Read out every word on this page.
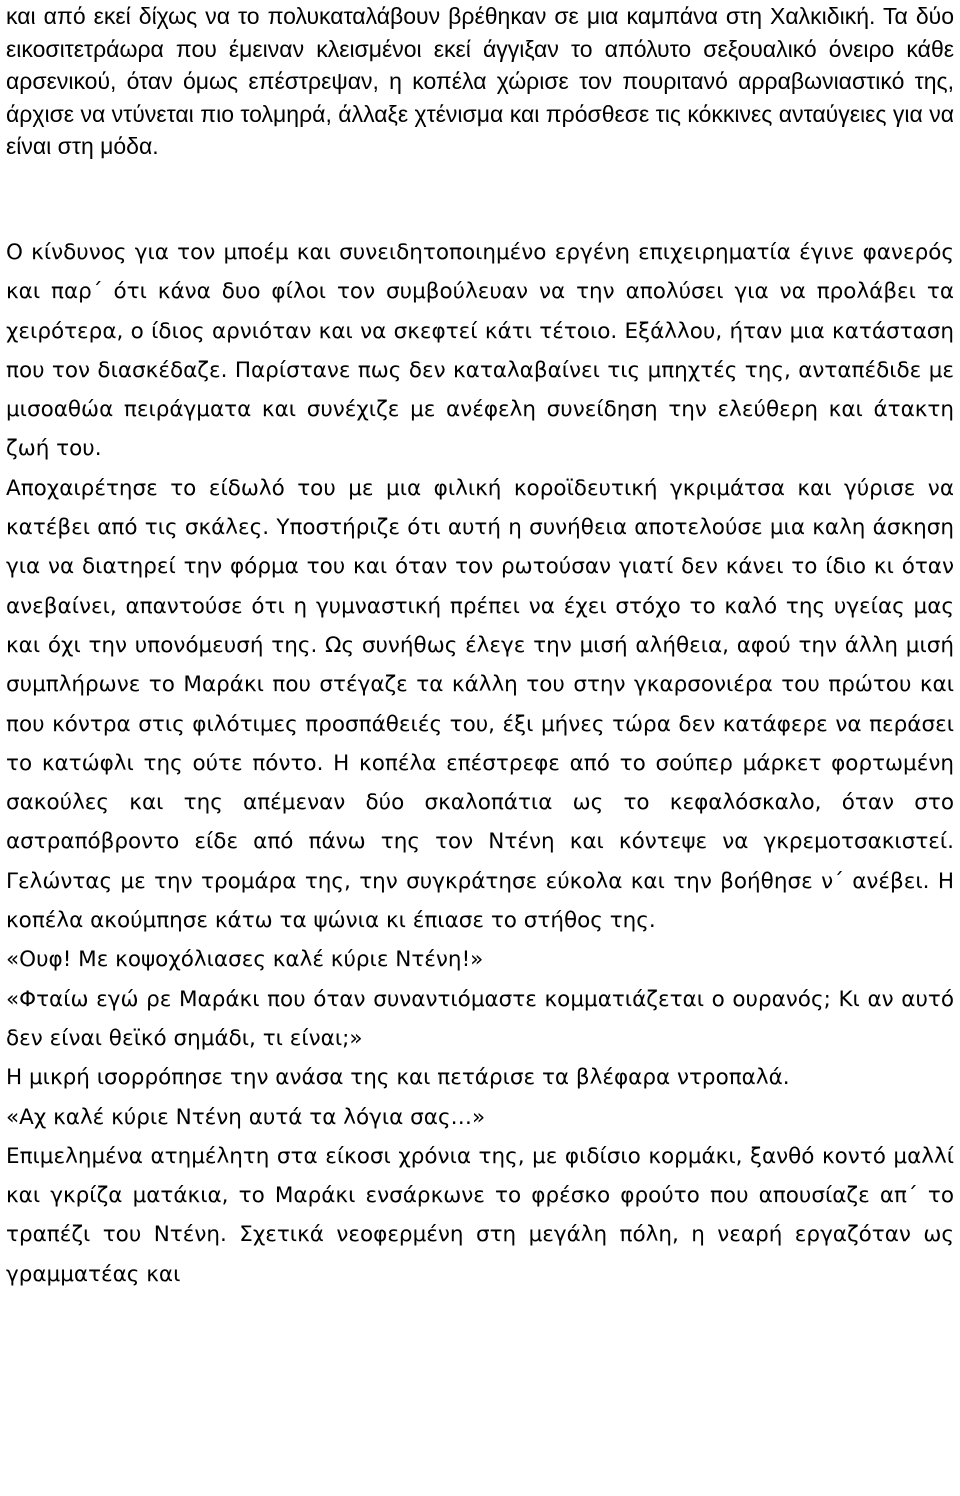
και από εκεί δίχως να το πολυκαταλάβουν βρέθηκαν σε μια καμπάνα στη Χαλκιδική. Τα δύο εικοσιτετράωρα που έμειναν κλεισμένοι εκεί άγγιξαν το απόλυτο σεξουαλικό όνειρο κάθε αρσενικού, όταν όμως επέστρεψαν, η κοπέλα χώρισε τον πουριτανό αρραβωνιαστικό της, άρχισε να ντύνεται πιο τολμηρά, άλλαξε χτένισμα και πρόσθεσε τις κόκκινες ανταύγειες για να είναι στη μόδα.

Ο κίνδυνος για τον μποέμ και συνειδητοποιημένο εργένη επιχειρηματία έγινε φανερός και παρ΄ ότι κάνα δυο φίλοι τον συμβούλευαν να την απολύσει για να προλάβει τα χειρότερα, ο ίδιος αρνιόταν και να σκεφτεί κάτι τέτοιο. Εξάλλου, ήταν μια κατάσταση που τον διασκέδαζε. Παρίστανε πως δεν καταλαβαίνει τις μπηχτές της, ανταπέδιδε με μισοαθώα πειράγματα και συνέχιζε με ανέφελη συνείδηση την ελεύθερη και άτακτη ζωή του.

Αποχαιρέτησε το είδωλό του με μια φιλική κοροϊδευτική γκριμάτσα και γύρισε να κατέβει από τις σκάλες. Υποστήριζε ότι αυτή η συνήθεια αποτελούσε μια καλη άσκηση για να διατηρεί την φόρμα του και όταν τον ρωτούσαν γιατί δεν κάνει το ίδιο κι όταν ανεβαίνει, απαντούσε ότι η γυμναστική πρέπει να έχει στόχο το καλό της υγείας μας και όχι την υπονόμευσή της. Ως συνήθως έλεγε την μισή αλήθεια, αφού την άλλη μισή συμπλήρωνε το Μαράκι που στέγαζε τα κάλλη του στην γκαρσονιέρα του πρώτου και που κόντρα στις φιλότιμες προσπάθειές του, έξι μήνες τώρα δεν κατάφερε να περάσει το κατώφλι της ούτε πόντο. Η κοπέλα επέστρεφε από το σούπερ μάρκετ φορτωμένη σακούλες και της απέμεναν δύο σκαλοπάτια ως το κεφαλόσκαλο, όταν στο αστραπόβροντο είδε από πάνω της τον Ντένη και κόντεψε να γκρεμοτσακιστεί. Γελώντας με την τρομάρα της, την συγκράτησε εύκολα και την βοήθησε ν΄ ανέβει. Η κοπέλα ακούμπησε κάτω τα ψώνια κι έπιασε το στήθος της.

«Ουφ! Με κοψοχόλιασες καλέ κύριε Ντένη!»

«Φταίω εγώ ρε Μαράκι που όταν συναντιόμαστε κομματιάζεται ο ουρανός; Κι αν αυτό δεν είναι θεϊκό σημάδι, τι είναι;»

Η μικρή ισορρόπησε την ανάσα της και πετάρισε τα βλέφαρα ντροπαλά.

«Αχ καλέ κύριε Ντένη αυτά τα λόγια σας…»

Επιμελημένα ατημέλητη στα είκοσι χρόνια της, με φιδίσιο κορμάκι, ξανθό κοντό μαλλί και γκρίζα ματάκια, το Μαράκι ενσάρκωνε το φρέσκο φρούτο που απουσίαζε απ΄ το τραπέζι του Ντένη. Σχετικά νεοφερμένη στη μεγάλη πόλη, η νεαρή εργαζόταν ως γραμματέας και
